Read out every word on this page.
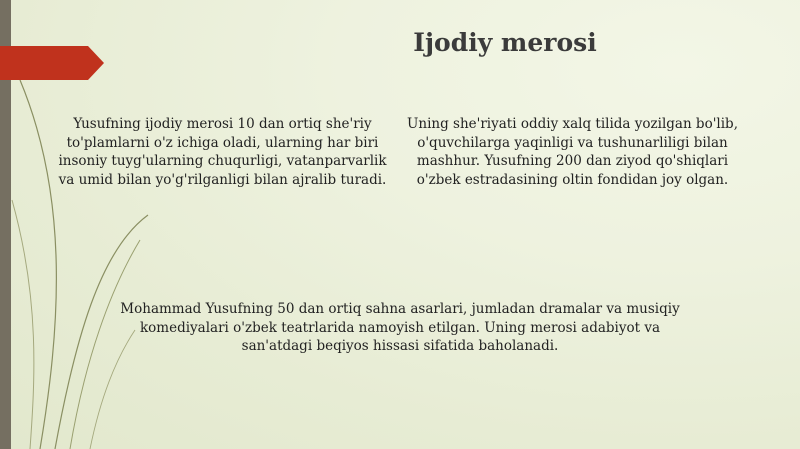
Ijodiy merosi

Yusufning ijodiy merosi 10 dan ortiq she'riy to'plamlarni o'z ichiga oladi, ularning har biri insoniy tuyg'ularning chuqurligi, vatanparvarlik va umid bilan yo'g'rilganligi bilan ajralib turadi.

Uning she'riyati oddiy xalq tilida yozilgan bo'lib, o'quvchilarga yaqinligi va tushunarliligi bilan mashhur. Yusufning 200 dan ziyod qo'shiqlari o'zbek estradasining oltin fondidan joy olgan.

Mohammad Yusufning 50 dan ortiq sahna asarlari, jumladan dramalar va musiqiy komediyalari o'zbek teatrlarida namoyish etilgan. Uning merosi adabiyot va san'atdagi beqiyos hissasi sifatida baholanadi.
